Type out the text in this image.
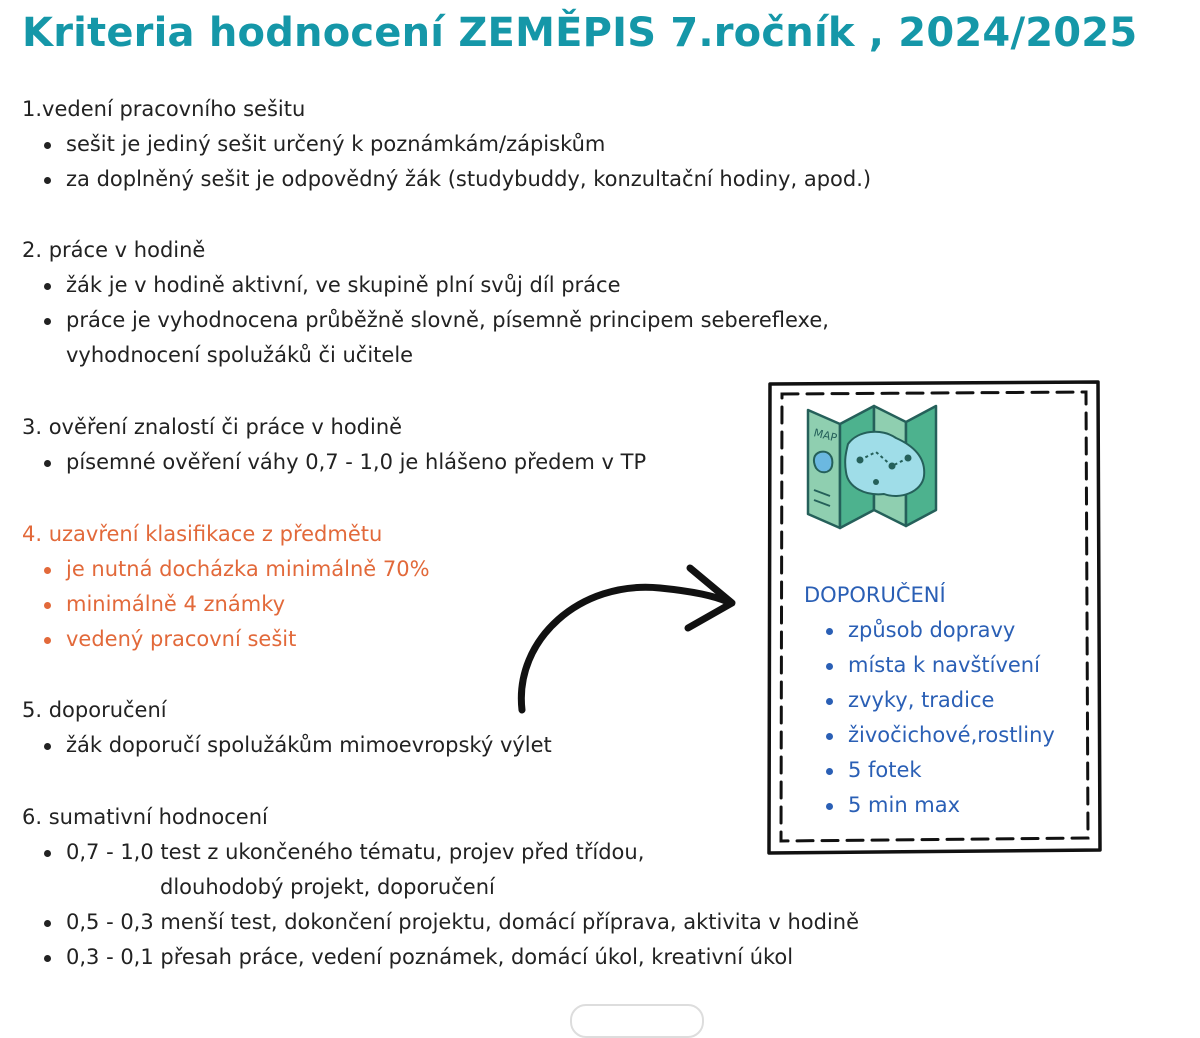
Kriteria hodnocení ZEMĚPIS 7.ročník , 2024/2025
1.vedení pracovního sešitu
sešit je jediný sešit určený k poznámkám/zápiskům
za doplněný sešit je odpovědný žák (studybuddy, konzultační hodiny, apod.)
2. práce v hodině
žák je v hodině aktivní, ve skupině plní svůj díl práce
práce je vyhodnocena průběžně slovně, písemně principem sebereflexe,
vyhodnocení spolužáků či učitele
3. ověření znalostí či práce v hodině
písemné ověření váhy 0,7 - 1,0 je hlášeno předem v TP
4. uzavření klasifikace z předmětu
je nutná docházka minimálně 70%
minimálně 4 známky
vedený pracovní sešit
5. doporučení
žák doporučí spolužákům mimoevropský výlet
6. sumativní hodnocení
0,7 - 1,0 test z ukončeného tématu, projev před třídou,
dlouhodobý projekt, doporučení
0,5 - 0,3 menší test, dokončení projektu, domácí příprava, aktivita v hodině
0,3 - 0,1 přesah práce, vedení poznámek, domácí úkol, kreativní úkol
MAP
DOPORUČENÍ
způsob dopravy
místa k navštívení
zvyky, tradice
živočichové,rostliny
5 fotek
5 min max
